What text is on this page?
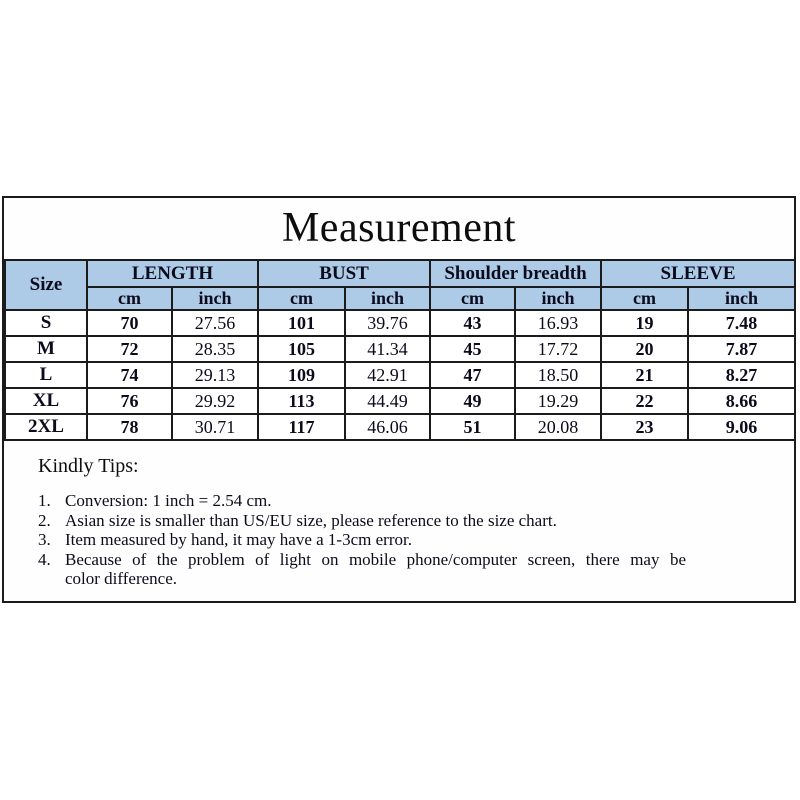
Measurement
Size	LENGTH		BUST		Shoulder breadth		SLEEVE	
	cm	inch	cm	inch	cm	inch	cm	inch
S	70	27.56	101	39.76	43	16.93	19	7.48
M	72	28.35	105	41.34	45	17.72	20	7.87
L	74	29.13	109	42.91	47	18.50	21	8.27
XL	76	29.92	113	44.49	49	19.29	22	8.66
2XL	78	30.71	117	46.06	51	20.08	23	9.06
Kindly Tips:
1. Conversion: 1 inch = 2.54 cm.
2. Asian size is smaller than US/EU size, please reference to the size chart.
3. Item measured by hand, it may have a 1-3cm error.
4. Because of the problem of light on mobile phone/computer screen, there may be
color difference.
